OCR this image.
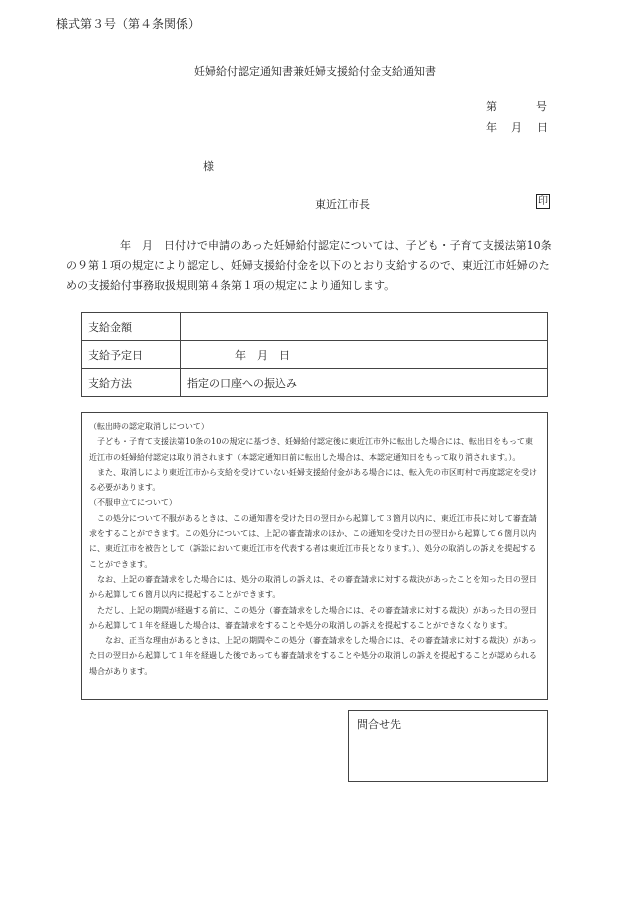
様式第３号（第４条関係）
妊婦給付認定通知書兼妊婦支援給付金支給通知書
第	号
年 月 日
様
東近江市長	印
年　月　日付けで申請のあった妊婦給付認定については、子ども・子育て支援法第10条の９第１項の規定により認定し、妊婦支援給付金を以下のとおり支給するので、東近江市妊婦のための支援給付事務取扱規則第４条第１項の規定により通知します。
支給金額	
支給予定日	年　月　日
支給方法	指定の口座への振込み

（転出時の認定取消しについて）

子ども・子育て支援法第10条の10の規定に基づき、妊婦給付認定後に東近江市外に転出した場合には、転出日をもって東近江市の妊婦給付認定は取り消されます（本認定通知日前に転出した場合は、本認定通知日をもって取り消されます。）。

また、取消しにより東近江市から支給を受けていない妊婦支援給付金がある場合には、転入先の市区町村で再度認定を受ける必要があります。

（不服申立てについて）

この処分について不服があるときは、この通知書を受けた日の翌日から起算して３箇月以内に、東近江市長に対して審査請求をすることができます。この処分については、上記の審査請求のほか、この通知を受けた日の翌日から起算して６箇月以内に、東近江市を被告として（訴訟において東近江市を代表する者は東近江市長となります。）、処分の取消しの訴えを提起することができます。

なお、上記の審査請求をした場合には、処分の取消しの訴えは、その審査請求に対する裁決があったことを知った日の翌日から起算して６箇月以内に提起することができます。

ただし、上記の期間が経過する前に、この処分（審査請求をした場合には、その審査請求に対する裁決）があった日の翌日から起算して１年を経過した場合は、審査請求をすることや処分の取消しの訴えを提起することができなくなります。

なお、正当な理由があるときは、上記の期間やこの処分（審査請求をした場合には、その審査請求に対する裁決）があった日の翌日から起算して１年を経過した後であっても審査請求をすることや処分の取消しの訴えを提起することが認められる場合があります。

問合せ先
